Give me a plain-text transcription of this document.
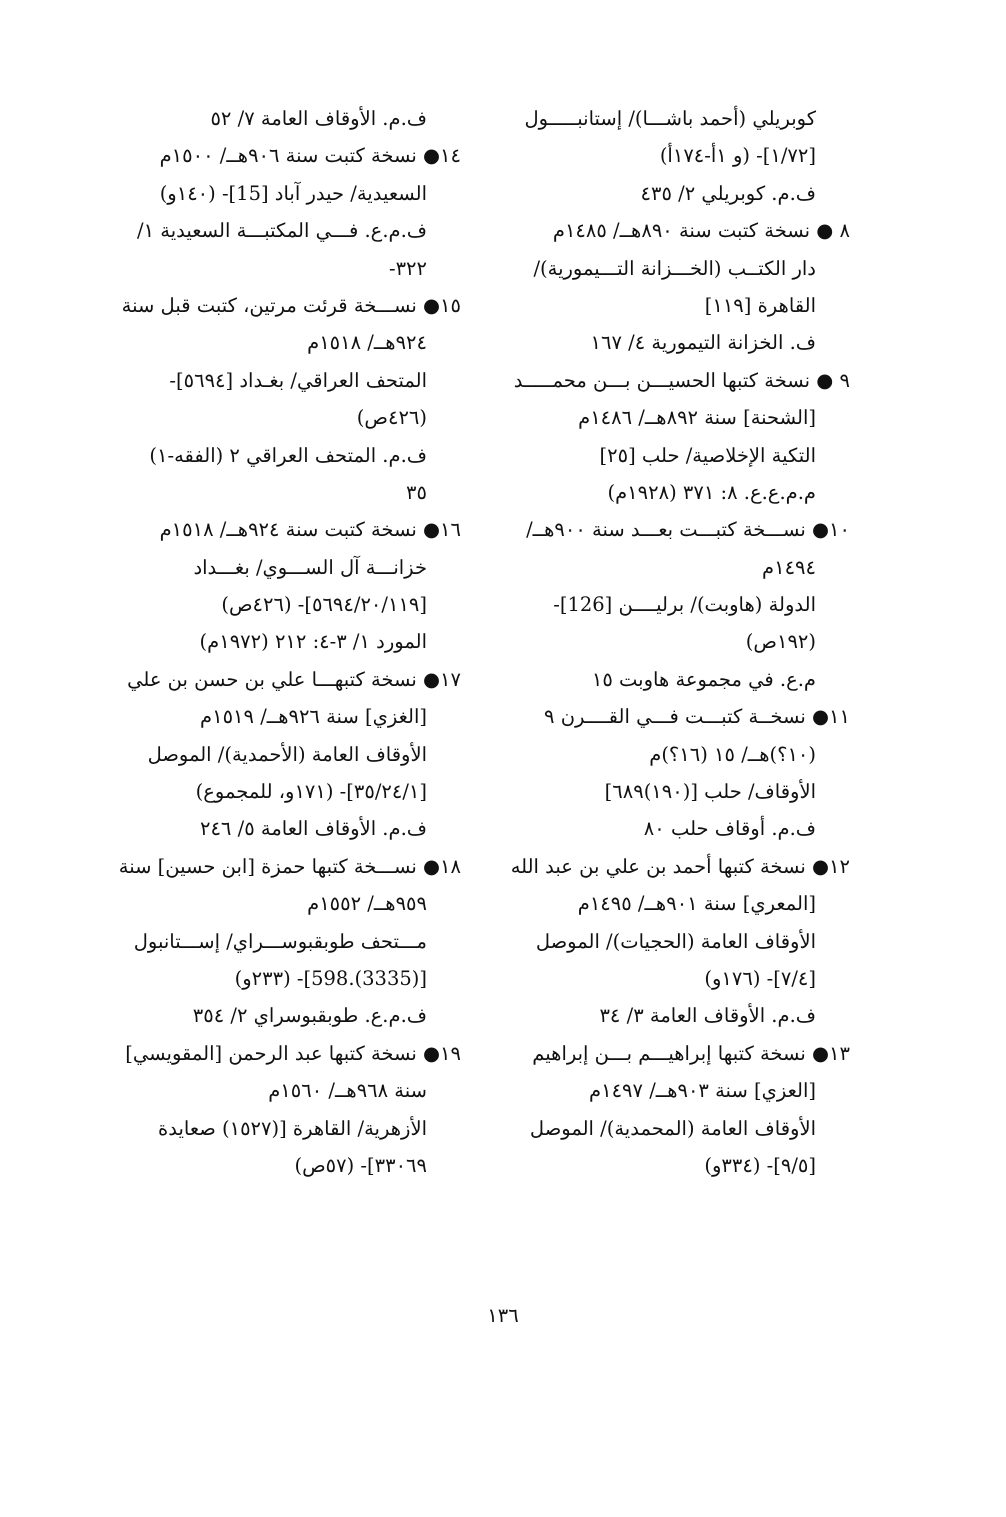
كوبريلي (أحمد باشـــا)/ إستانبـــــول
[١/٧٢]- (و ١أ-١٧٤أ)
ف.م. كوبريلي ٢/ ٤٣٥
٨ ● نسخة كتبت سنة ٨٩٠هــ/ ١٤٨٥م
دار الكتــب (الخـــزانة التـــيمورية)/
القاهرة [١١٩]
ف. الخزانة التيمورية ٤/ ١٦٧
٩ ● نسخة كتبها الحسيـــن بـــن محمـــــد
[الشحنة] سنة ٨٩٢هــ/ ١٤٨٦م
التكية الإخلاصية/ حلب [٢٥]
م.م.ع.ع. ٨: ٣٧١ (١٩٢٨م)
١٠● نســـخة كتبـــت بعـــد سنة ٩٠٠هــ/
١٤٩٤م
الدولة (هاوبت)/ برليــــن [126]-
(١٩٢ص)
م.ع. في مجموعة هاوبت ١٥
١١● نسخــة كتبـــت فـــي القــــرن ٩
(١٠؟)هــ/ ١٥ (١٦؟)م
الأوقاف/ حلب [(١٩٠)٦٨٩]
ف.م. أوقاف حلب ٨٠
١٢● نسخة كتبها أحمد بن علي بن عبد الله
[المعري] سنة ٩٠١هــ/ ١٤٩٥م
الأوقاف العامة (الحجيات)/ الموصل
[٧/٤]- (١٧٦و)
ف.م. الأوقاف العامة ٣/ ٣٤
١٣● نسخة كتبها إبراهيـــم بـــن إبراهيم
[العزي] سنة ٩٠٣هــ/ ١٤٩٧م
الأوقاف العامة (المحمدية)/ الموصل
[٩/٥]- (٣٣٤و)
ف.م. الأوقاف العامة ٧/ ٥٢
١٤● نسخة كتبت سنة ٩٠٦هــ/ ١٥٠٠م
السعيدية/ حيدر آباد [15]- (١٤٠و)
ف.م.ع. فـــي المكتبـــة السعيدية ١/
٣٢٢-
١٥● نســـخة قرئت مرتين، كتبت قبل سنة
٩٢٤هــ/ ١٥١٨م
المتحف العراقي/ بغـداد [٥٦٩٤]-
(٤٢٦ص)
ف.م. المتحف العراقي ٢ (الفقه-١)
٣٥
١٦● نسخة كتبت سنة ٩٢٤هــ/ ١٥١٨م
خزانـــة آل الســـوي/ بغـــداد
[٥٦٩٤/٢٠/١١٩]- (٤٢٦ص)
المورد ١/ ٣-٤: ٢١٢ (١٩٧٢م)
١٧● نسخة كتبهـــا علي بن حسن بن علي
[الغزي] سنة ٩٢٦هــ/ ١٥١٩م
الأوقاف العامة (الأحمدية)/ الموصل
[٣٥/٢٤/١]- (١٧١و، للمجموع)
ف.م. الأوقاف العامة ٥/ ٢٤٦
١٨● نســـخة كتبها حمزة [ابن حسين] سنة
٩٥٩هــ/ ١٥٥٢م
مـــتحف طوبقبوســـراي/ إســـتانبول
[(3335).598]- (٢٣٣و)
ف.م.ع. طوبقبوسراي ٢/ ٣٥٤
١٩● نسخة كتبها عبد الرحمن [المقويسي]
سنة ٩٦٨هــ/ ١٥٦٠م
الأزهرية/ القاهرة [(١٥٢٧) صعايدة
٣٣٠٦٩]- (٥٧ص)
١٣٦
